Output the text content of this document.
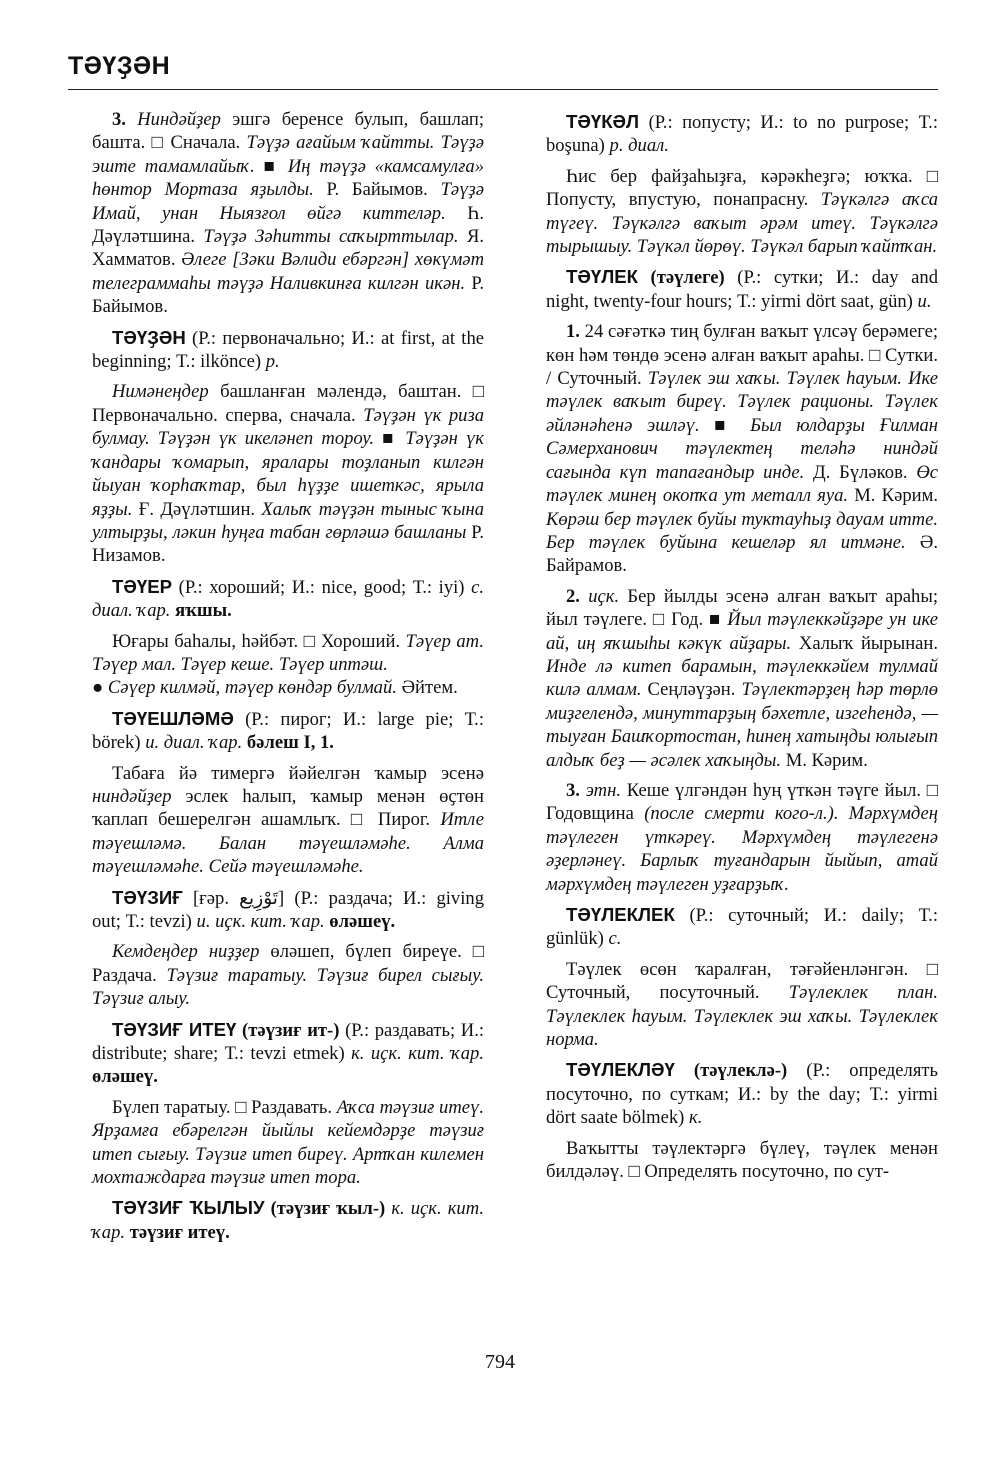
ТӘҮҘӘН

3. Ниндәйҙер эшгә беренсе булып, башлап; башта. □ Сначала. Тәүҙә ағайым ҡайтты. Тәүҙә эште тамамлайыҡ. ■ Иң тәүҙә «камсамулға» һөнтор Мортаза яҙылды. Р. Байымов. Тәүҙә Имай, унан Ныязғол өйгә киттеләр. Һ. Дәүләтшина. Тәүҙә Зәһитты саҡырттылар. Я. Хамматов. Әлеге [Зәки Вәлиди ебәргән] хөкүмәт телеграммаһы тәүҙә Наливкинға килгән икән. Р. Байымов.

ТӘҮҘӘН (Р.: первоначально; И.: at first, at the beginning; Т.: ilkönce) р.

Нимәнеңдер башланған мәлендә, баштан. □ Первоначально. сперва, сначала. Тәүҙән үк риза булмау. Тәүҙән үк икеләнеп тороу. ■ Тәүҙән үк ҡандары ҡомарып, яралары тоҙланып килгән йыуан ҡорһаҡтар, был һүҙҙе ишеткәс, ярыла яҙҙы. Ғ. Дәүләтшин. Халыҡ тәүҙән тыныс ҡына ултырҙы, ләкин һуңға табан гөрләшә башланы Р. Низамов.

ТӘҮЕР (Р.: хороший; И.: nice, good; Т.: iyi) с. диал. ҡар. яҡшы.

Юғары баһалы, һәйбәт. □ Хороший. Тәүер ат. Тәүер мал. Тәүер кеше. Тәүер иптәш.
● Сәүер килмәй, тәүер көндәр булмай. Әйтем.

ТӘҮЕШЛӘМӘ (Р.: пирог; И.: large pie; Т.: börek) и. диал. ҡар. бәлеш I, 1.

Табаға йә тимергә йәйелгән ҡамыр эсенә ниндәйҙер эслек һалып, ҡамыр менән өҫтөн ҡаплап бешерелгән ашамлыҡ. □ Пирог. Итле тәүешләмә. Балан тәүешләмәһе. Алма тәүешләмәһе. Сейә тәүешләмәһе.

ТӘҮЗИҒ [ғәр. تَوْزِيع] (Р.: раздача; И.: giving out; Т.: tevzi) и. иҫк. кит. ҡар. өләшеү.

Кемдеңдер ниҙҙер өләшеп, бүлеп биреүе. □ Раздача. Тәүзиғ таратыу. Тәүзиғ бирел сығыу. Тәүзиғ алыу.

ТӘҮЗИҒ ИТЕҮ (тәүзиғ ит-) (Р.: раздавать; И.: distribute; share; Т.: tevzi etmek) к. иҫк. кит. ҡар. өләшеү.

Бүлеп таратыу. □ Раздавать. Аҡса тәүзиғ итеү. Ярҙамға ебәрелгән йыйлы кейемдәрҙе тәүзиғ итеп сығыу. Тәүзиғ итеп биреү. Артҡан килемен мохтаждарға тәүзиғ итеп тора.

ТӘҮЗИҒ ҠЫЛЫУ (тәүзиғ ҡыл-) к. иҫк. кит. ҡар. тәүзиғ итеү.

ТӘҮКӘЛ (Р.: попусту; И.: to no purpose; Т.: boşuna) р. диал.

Һис бер файҙаһыҙға, кәрәкһеҙгә; юҡҡа. □ Попусту, впустую, понапрасну. Тәүкәлгә аҡса түгеү. Тәүкәлгә ваҡыт әрәм итеү. Тәүкәлгә тырышыу. Тәүкәл йөрөү. Тәүкәл барып ҡайтҡан.

ТӘҮЛЕК (тәүлеге) (Р.: сутки; И.: day and night, twenty-four hours; Т.: yirmi dört saat, gün) и.

1. 24 сәғәткә тиң булған ваҡыт үлсәү берәмеге; көн һәм төндө эсенә алған ваҡыт араһы. □ Сутки. / Суточный. Тәүлек эш хаҡы. Тәүлек һауым. Ике тәүлек ваҡыт биреү. Тәүлек рационы. Тәүлек әйләнәһенә эшләү. ■ Был юлдарҙы Ғилман Сәмерханович тәүлектең теләһә ниндәй сағында күп тапағандыр инде. Д. Бүләков. Өс тәүлек минең окопҡа ут металл яуа. М. Кәрим. Көрәш бер тәүлек буйы туктауһыҙ дауам итте. Бер тәүлек буйына кешеләр ял итмәне. Ә. Байрамов.

2. иҫк. Бер йылды эсенә алған ваҡыт араһы; йыл тәүлеге. □ Год. ■ Йыл тәүлеккәйҙәре ун ике ай, иң яҡшыһы кәкүк айҙары. Халыҡ йырынан. Инде лә китеп барамын, тәүлеккәйем тулмай килә алмам. Сеңләүҙән. Тәүлектәрҙең һәр төрлө миҙгелендә, минуттарҙың бәхетле, изгеһендә, — тыуған Башҡортостан, һинең хатыңды юлығып алдыҡ беҙ — әсәлек хаҡыңды. М. Кәрим.

3. этн. Кеше үлгәндән һуң үткән тәүге йыл. □ Годовщина (после смерти кого-л.). Мәрхүмдең тәүлеген үткәреү. Мәрхүмдең тәүлегенә әҙерләнеү. Барлыҡ туғандарын йыйып, атай мәрхүмдең тәүлеген уҙғарҙыҡ.

ТӘҮЛЕКЛЕК (Р.: суточный; И.: daily; Т.: günlük) с.

Тәүлек өсөн ҡаралған, тәғәйенләнгән. □ Суточный, посуточный. Тәүлеклек план. Тәүлеклек һауым. Тәүлеклек эш хаҡы. Тәүлеклек норма.

ТӘҮЛЕКЛӘҮ (тәүлеклә-) (Р.: определять посуточно, по суткам; И.: by the day; Т.: yirmi dört saate bölmek) к.

Ваҡытты тәүлектәргә бүлеү, тәүлек менән билдәләү. □ Определять посуточно, по сут-

794
